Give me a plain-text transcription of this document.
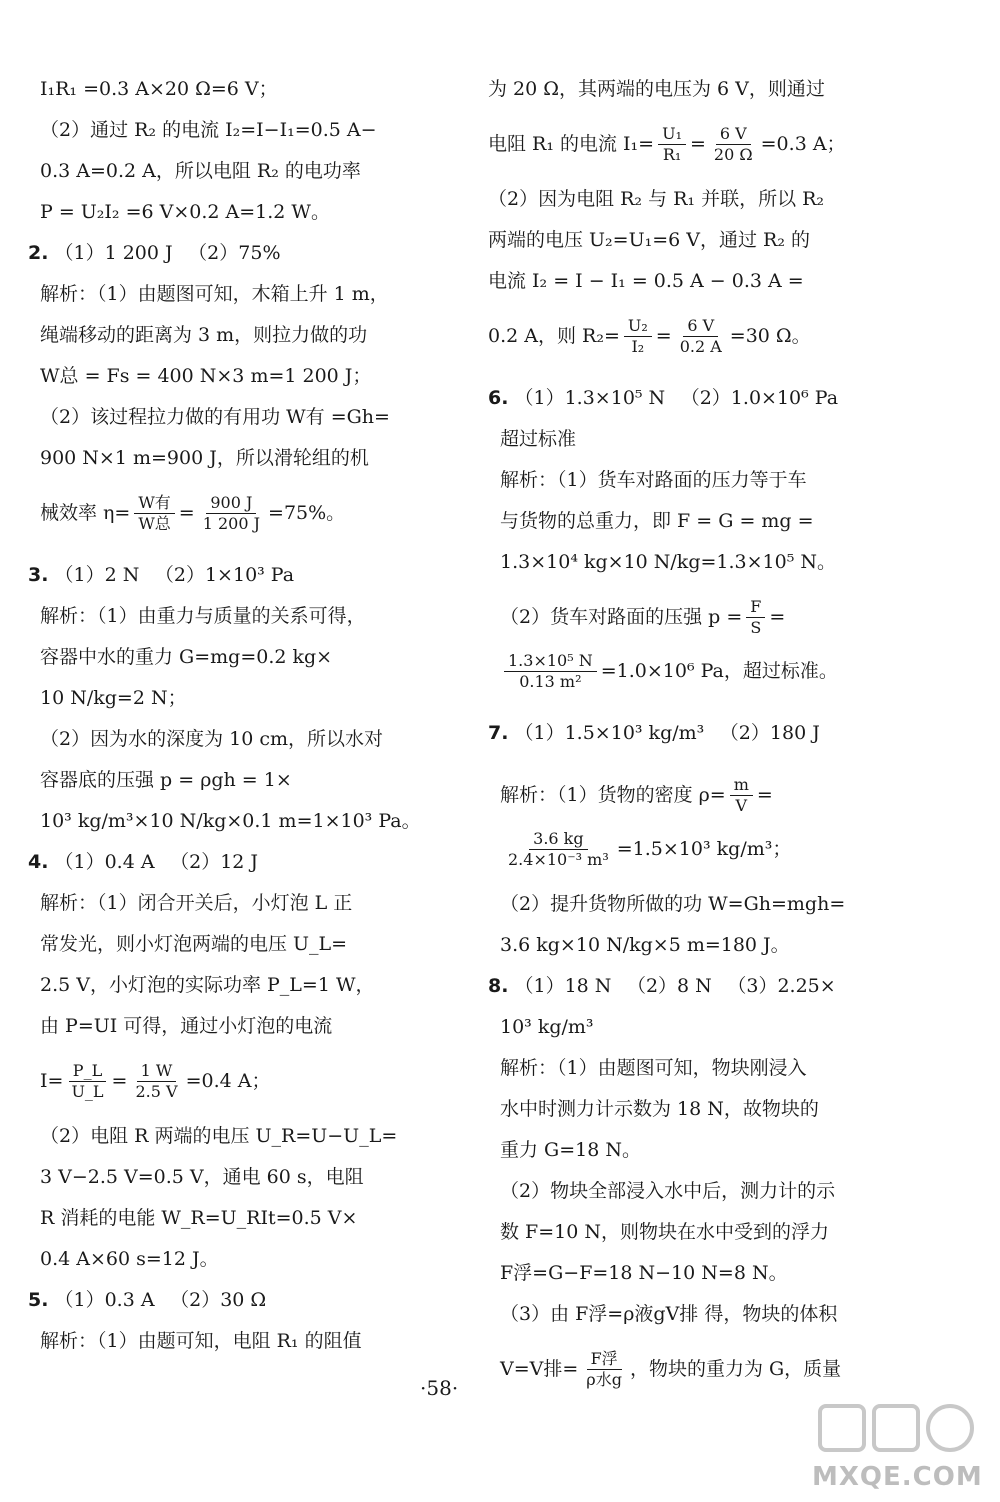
I₁R₁ =0.3 A×20 Ω=6 V；

（2）通过 R₂ 的电流 I₂=I−I₁=0.5 A−

0.3 A=0.2 A，所以电阻 R₂ 的电功率

P = U₂I₂ =6 V×0.2 A=1.2 W。

2. （1）1 200 J 　（2）75%

解析：（1）由题图可知，木箱上升 1 m，

绳端移动的距离为 3 m，则拉力做的功

W总 = Fs = 400 N×3 m=1 200 J；

（2）该过程拉力做的有用功 W有 =Gh=

900 N×1 m=900 J，所以滑轮组的机

械效率 $\eta= \frac{\text{W有}}{\text{W总}} = \frac{900 J}{1 200 J} =75\%$。

3. （1）2 N 　（2）1×10³ Pa

解析：（1）由重力与质量的关系可得，

容器中水的重力 G=mg=0.2 kg×

10 N/kg=2 N；

（2）因为水的深度为 10 cm，所以水对

容器底的压强 p = ρgh = 1×

10³ kg/m³×10 N/kg×0.1 m=1×10³ Pa。

4. （1）0.4 A 　（2）12 J

解析：（1）闭合开关后，小灯泡 L 正

常发光，则小灯泡两端的电压 U_L=

2.5 V，小灯泡的实际功率 P_L=1 W，

由 P=UI 可得，通过小灯泡的电流

$I= \frac{P\_L}{U\_L} = \frac{1 W}{2.5 V} =0.4$ A；

（2）电阻 R 两端的电压 U_R=U−U_L=

3 V−2.5 V=0.5 V，通电 60 s，电阻

R 消耗的电能 W_R=U_RIt=0.5 V×

0.4 A×60 s=12 J。

5. （1）0.3 A 　（2）30 Ω

解析：（1）由题可知，电阻 R₁ 的阻值

为 20 Ω，其两端的电压为 6 V，则通过

电阻 R₁ 的电流 $I_1= \frac{\text{U₁}}{\text{R₁}} = \frac{6 V}{20 \Omega} =0.3$ A；

（2）因为电阻 R₂ 与 R₁ 并联，所以 R₂

两端的电压 U₂=U₁=6 V，通过 R₂ 的

电流 I₂ = I − I₁ = 0.5 A − 0.3 A =

0.2 A，则 $R_2= \frac{\text{U₂}}{\text{I₂}} = \frac{6 V}{0.2 A} =30$ Ω。

6. （1）1.3×10⁵ N 　（2）1.0×10⁶ Pa

超过标准

解析：（1）货车对路面的压力等于车

与货物的总重力，即 F = G = mg =

1.3×10⁴ kg×10 N/kg=1.3×10⁵ N。

（2）货车对路面的压强 $p = \frac{F}{S}$ =
$\frac{\text{1.3×10⁵ N}}{\text{0.13 m²}} =1.0\times 10^6$ Pa，超过标准。

7. （1）1.5×10³ kg/m³ 　（2）180 J

解析：（1）货物的密度 $\rho= \frac{m}{V}$ =
$\frac{3.6 kg}{\text{2.4×10⁻³ m³}} =1.5\times 10^3$ kg/m³；

（2）提升货物所做的功 W=Gh=mgh=

3.6 kg×10 N/kg×5 m=180 J。

8. （1）18 N 　（2）8 N 　（3）2.25×

10³ kg/m³

解析：（1）由题图可知，物块刚浸入

水中时测力计示数为 18 N，故物块的

重力 G=18 N。

（2）物块全部浸入水中后，测力计的示

数 F=10 N，则物块在水中受到的浮力

F浮=G−F=18 N−10 N=8 N。

（3）由 F浮=ρ液gV排 得，物块的体积

V=V排= $\frac{\text{F浮}}{\text{ρ水g}}$ ，物块的重力为 G，质量
·58·
MXQE.COM
